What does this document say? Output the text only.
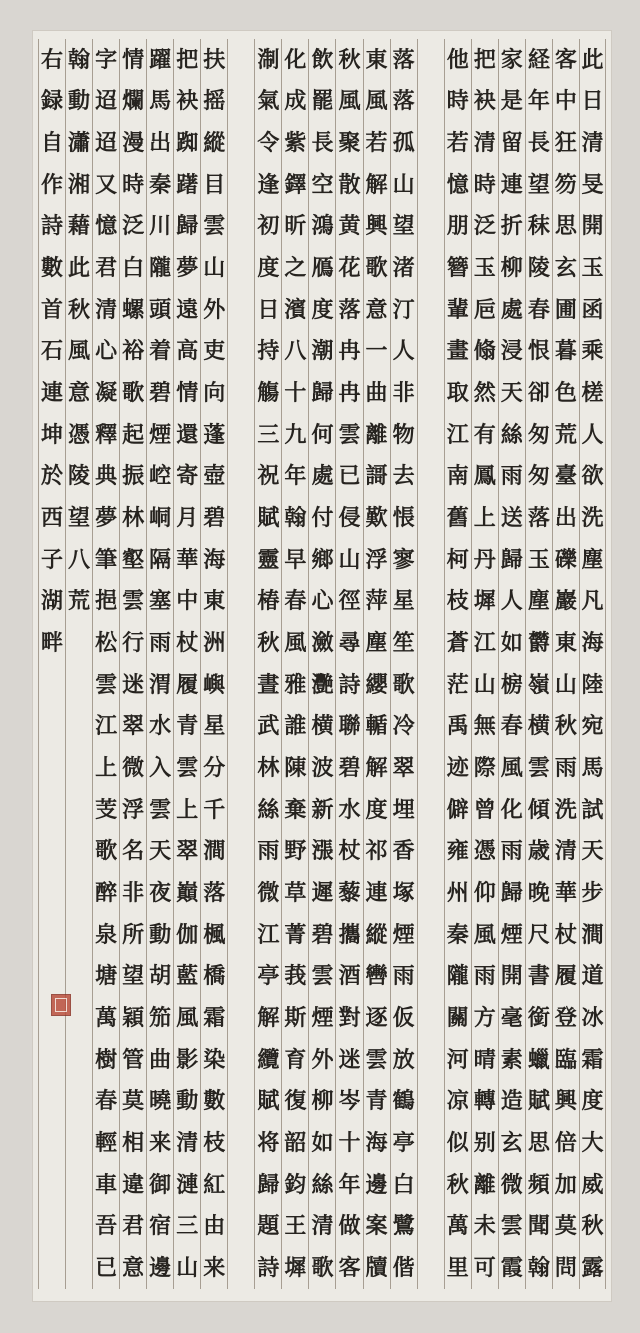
此
日
清
旻
開
玉
函
乘
槎
人
欲
洗
塵
凡
海
陸
宛
馬
試
天
步
澗
道
冰
霜
度
大
威
秋
露
客
中
狂
笏
思
玄
圃
暮
色
荒
臺
出
礫
巖
東
山
秋
雨
洗
清
華
杖
履
登
臨
興
倍
加
莫
問
経
年
長
望
秣
陵
春
恨
卻
匆
匆
落
玉
塵
欝
嶺
横
雲
傾
歳
晚
尺
書
銜
蠟
賦
思
頻
聞
翰
家
是
留
連
折
柳
處
浸
天
絲
雨
送
歸
人
如
椖
春
風
化
雨
歸
煙
開
毫
素
造
玄
微
雲
霞
把
袂
清
時
泛
玉
巵
翛
然
有
鳳
上
丹
墀
江
山
無
際
曾
憑
仰
風
雨
方
晴
轉
别
離
未
可
他
時
若
憶
朋
簪
輩
畫
取
江
南
舊
柯
枝
蒼
茫
禹
迹
僻
雍
州
秦
隴
關
河
凉
似
秋
萬
里
落
落
孤
山
望
渚
汀
人
非
物
去
悵
寥
星
笙
歌
冷
翠
埋
香
塚
煙
雨
仮
放
鶴
亭
白
鷺
偕
東
風
若
解
興
歌
意
一
曲
離
謌
歎
浮
萍
塵
纓
輴
解
度
祁
連
縱
轡
逐
雲
青
海
邊
案
牘
秋
風
聚
散
黄
花
落
冉
冉
雲
已
侵
山
徑
尋
詩
聯
碧
水
杖
藜
攜
酒
對
迷
岑
十
年
做
客
飲
罷
長
空
鴻
鴈
度
潮
歸
何
處
付
鄉
心
瀲
灧
横
波
新
漲
遲
碧
雲
煙
外
柳
如
絲
清
歌
化
成
紫
鐸
昕
之
濱
八
十
九
年
翰
早
春
風
雅
誰
陳
棄
野
草
菁
莪
斯
育
復
韶
鈞
王
墀
淛
氣
令
逢
初
度
日
持
觴
三
祝
賦
靈
椿
秋
晝
武
林
絲
雨
微
江
亭
解
纜
賦
将
歸
題
詩
扶
摇
縱
目
雲
山
外
吏
向
蓬
壺
碧
海
東
洲
嶼
星
分
千
澗
落
楓
橋
霜
染
數
枝
紅
由
来
把
袂
踟
躇
歸
夢
遠
高
情
還
寄
月
華
中
杖
履
青
雲
上
翠
巔
伽
藍
風
影
動
清
漣
三
山
躍
馬
出
秦
川
隴
頭
着
碧
煙
崆
峒
隔
塞
雨
渭
水
入
雲
天
夜
動
胡
笳
曲
曉
来
御
宿
邊
情
爛
漫
時
泛
白
螺
裕
歌
起
振
林
壑
雲
行
迷
翠
微
浮
名
非
所
望
穎
管
莫
相
違
君
意
字
迢
迢
又
憶
君
清
心
凝
釋
典
夢
筆
挹
松
雲
江
上
芰
歌
醉
泉
塘
萬
樹
春
輕
車
吾
已
翰
動
瀟
湘
藉
此
秋
風
意
憑
陵
望
八
荒
右
録
自
作
詩
數
首
石
連
坤
於
西
子
湖
畔
